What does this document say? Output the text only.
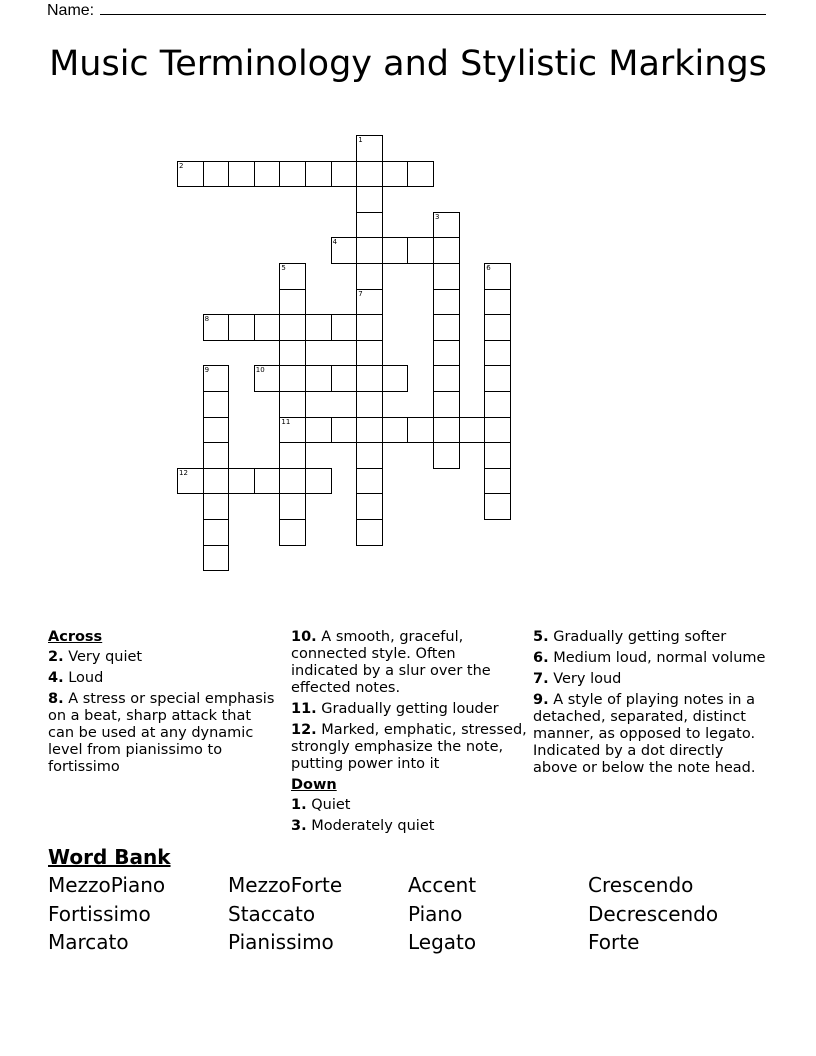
Name:
Music Terminology and Stylistic Markings
2
4
8
10
11
12
1
3
5	6
7
9
Across
2. Very quiet
4. Loud
8. A stress or special emphasis on a beat, sharp attack that can be used at any dynamic level from pianissimo to fortissimo
10. A smooth, graceful, connected style. Often indicated by a slur over the effected notes.
11. Gradually getting louder
12. Marked, emphatic, stressed, strongly emphasize the note, putting power into it
Down
1. Quiet
3. Moderately quiet
5. Gradually getting softer
6. Medium loud, normal volume
7. Very loud
9. A style of playing notes in a detached, separated, distinct manner, as opposed to legato. Indicated by a dot directly above or below the note head.
Word Bank
MezzoPiano	MezzoForte	Accent	Crescendo
Fortissimo	Staccato	Piano	Decrescendo
Marcato	Pianissimo	Legato	Forte
